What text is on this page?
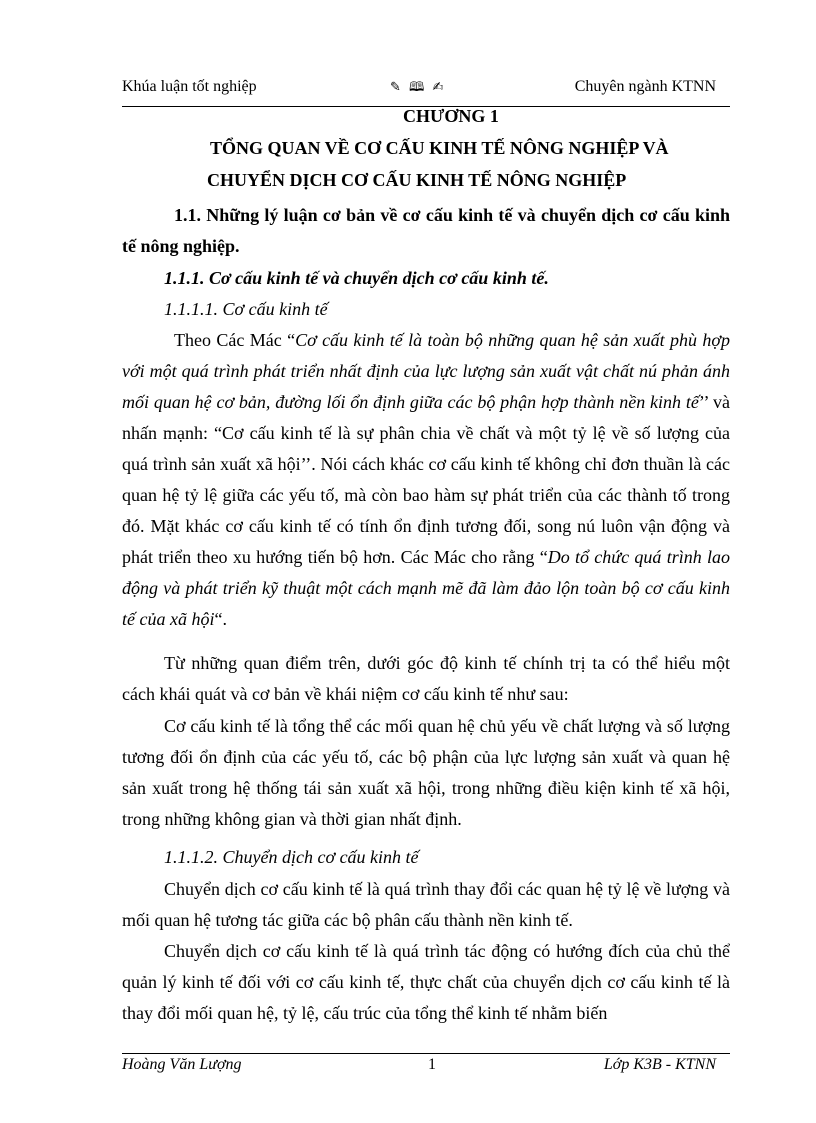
Khúa luận tốt nghiệp	✎ 🕮 ✍	Chuyên ngành KTNN
CHƯƠNG 1
TỔNG QUAN VỀ CƠ CẤU KINH TẾ NÔNG NGHIỆP VÀ
CHUYỂN DỊCH CƠ CẤU KINH TẾ NÔNG NGHIỆP
1.1. Những lý luận cơ bản về cơ cấu kinh tế và chuyển dịch cơ cấu kinh tế nông nghiệp.
1.1.1. Cơ cấu kinh tế và chuyển dịch cơ cấu kinh tế.
1.1.1.1. Cơ cấu kinh tế

Theo Các Mác “Cơ cấu kinh tế là toàn bộ những quan hệ sản xuất phù hợp với một quá trình phát triển nhất định của lực lượng sản xuất vật chất nú phản ánh mối quan hệ cơ bản, đường lối ổn định giữa các bộ phận hợp thành nền kinh tế’’ và nhấn mạnh: “Cơ cấu kinh tế là sự phân chia về chất và một tỷ lệ về số lượng của quá trình sản xuất xã hội’’. Nói cách khác cơ cấu kinh tế không chỉ đơn thuần là các quan hệ tỷ lệ giữa các yếu tố, mà còn bao hàm sự phát triển của các thành tố trong đó. Mặt khác cơ cấu kinh tế có tính ổn định tương đối, song nú luôn vận động và phát triển theo xu hướng tiến bộ hơn. Các Mác cho rằng “Do tổ chức quá trình lao động và phát triển kỹ thuật một cách mạnh mẽ đã làm đảo lộn toàn bộ cơ cấu kinh tế của xã hội“.

Từ những quan điểm trên, dưới góc độ kinh tế chính trị ta có thể hiểu một cách khái quát và cơ bản về khái niệm cơ cấu kinh tế như sau:

Cơ cấu kinh tế là tổng thể các mối quan hệ chủ yếu về chất lượng và số lượng tương đối ổn định của các yếu tố, các bộ phận của lực lượng sản xuất và quan hệ sản xuất trong hệ thống tái sản xuất xã hội, trong những điều kiện kinh tế xã hội, trong những không gian và thời gian nhất định.

1.1.1.2. Chuyển dịch cơ cấu kinh tế

Chuyển dịch cơ cấu kinh tế là quá trình thay đổi các quan hệ tỷ lệ về lượng và mối quan hệ tương tác giữa các bộ phân cấu thành nền kinh tế.

Chuyển dịch cơ cấu kinh tế là quá trình tác động có hướng đích của chủ thể quản lý kinh tế đối với cơ cấu kinh tế, thực chất của chuyển dịch cơ cấu kinh tế là thay đổi mối quan hệ, tỷ lệ, cấu trúc của tổng thể kinh tế nhằm biến

Hoàng Văn Lượng	1	Lớp K3B - KTNN
